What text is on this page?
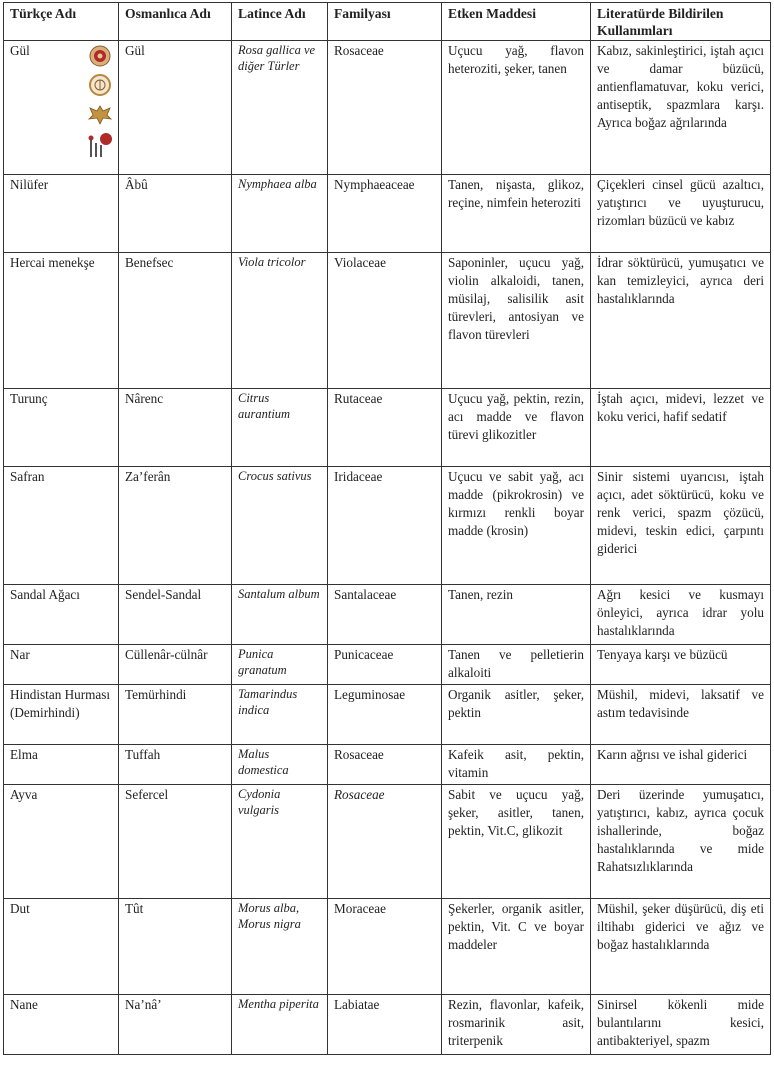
Türkçe Adı	Osmanlıca Adı	Latince Adı	Familyası	Etken Maddesi	Literatürde Bildirilen Kullanımları
Gül	Gül	Rosa gallica ve diğer Türler	Rosaceae	Uçucu yağ, flavon heteroziti, şeker, tanen	Kabız, sakinleştirici, iştah açıcı ve damar büzücü, antienflamatuvar, koku verici, antiseptik, spazmlara karşı. Ayrıca boğaz ağrılarında
Nilüfer	Âbû	Nymphaea alba	Nymphaeaceae	Tanen, nişasta, glikoz, reçine, nimfein heteroziti	Çiçekleri cinsel gücü azaltıcı, yatıştırıcı ve uyuşturucu, rizomları büzücü ve kabız
Hercai menekşe	Benefsec	Viola tricolor	Violaceae	Saponinler, uçucu yağ, violin alkaloidi, tanen, müsilaj, salisilik asit türevleri, antosiyan ve flavon türevleri	İdrar söktürücü, yumuşatıcı ve kan temizleyici, ayrıca deri hastalıklarında
Turunç	Nârenc	Citrus aurantium	Rutaceae	Uçucu yağ, pektin, rezin, acı madde ve flavon türevi glikozitler	İştah açıcı, midevi, lezzet ve koku verici, hafif sedatif
Safran	Za’ferân	Crocus sativus	Iridaceae	Uçucu ve sabit yağ, acı madde (pikrokrosin) ve kırmızı renkli boyar madde (krosin)	Sinir sistemi uyarıcısı, iştah açıcı, adet söktürücü, koku ve renk verici, spazm çözücü, midevi, teskin edici, çarpıntı giderici
Sandal Ağacı	Sendel-Sandal	Santalum album	Santalaceae	Tanen, rezin	Ağrı kesici ve kusmayı önleyici, ayrıca idrar yolu hastalıklarında
Nar	Cüllenâr-cülnâr	Punica granatum	Punicaceae	Tanen ve pelletierin alkaloiti	Tenyaya karşı ve büzücü
Hindistan Hurması (Demirhindi)	Temürhindi	Tamarindus indica	Leguminosae	Organik asitler, şeker, pektin	Müshil, midevi, laksatif ve astım tedavisinde
Elma	Tuffah	Malus domestica	Rosaceae	Kafeik asit, pektin, vitamin	Karın ağrısı ve ishal giderici
Ayva	Sefercel	Cydonia vulgaris	Rosaceae	Sabit ve uçucu yağ, şeker, asitler, tanen, pektin, Vit.C, glikozit	Deri üzerinde yumuşatıcı, yatıştırıcı, kabız, ayrıca çocuk ishallerinde, boğaz hastalıklarında ve mide Rahatsızlıklarında
Dut	Tût	Morus alba, Morus nigra	Moraceae	Şekerler, organik asitler, pektin, Vit. C ve boyar maddeler	Müshil, şeker düşürücü, diş eti iltihabı giderici ve ağız ve boğaz hastalıklarında
Nane	Na’nâ’	Mentha piperita	Labiatae	Rezin, flavonlar, kafeik, rosmarinik asit, triterpenik	Sinirsel kökenli mide bulantılarını kesici, antibakteriyel, spazm
